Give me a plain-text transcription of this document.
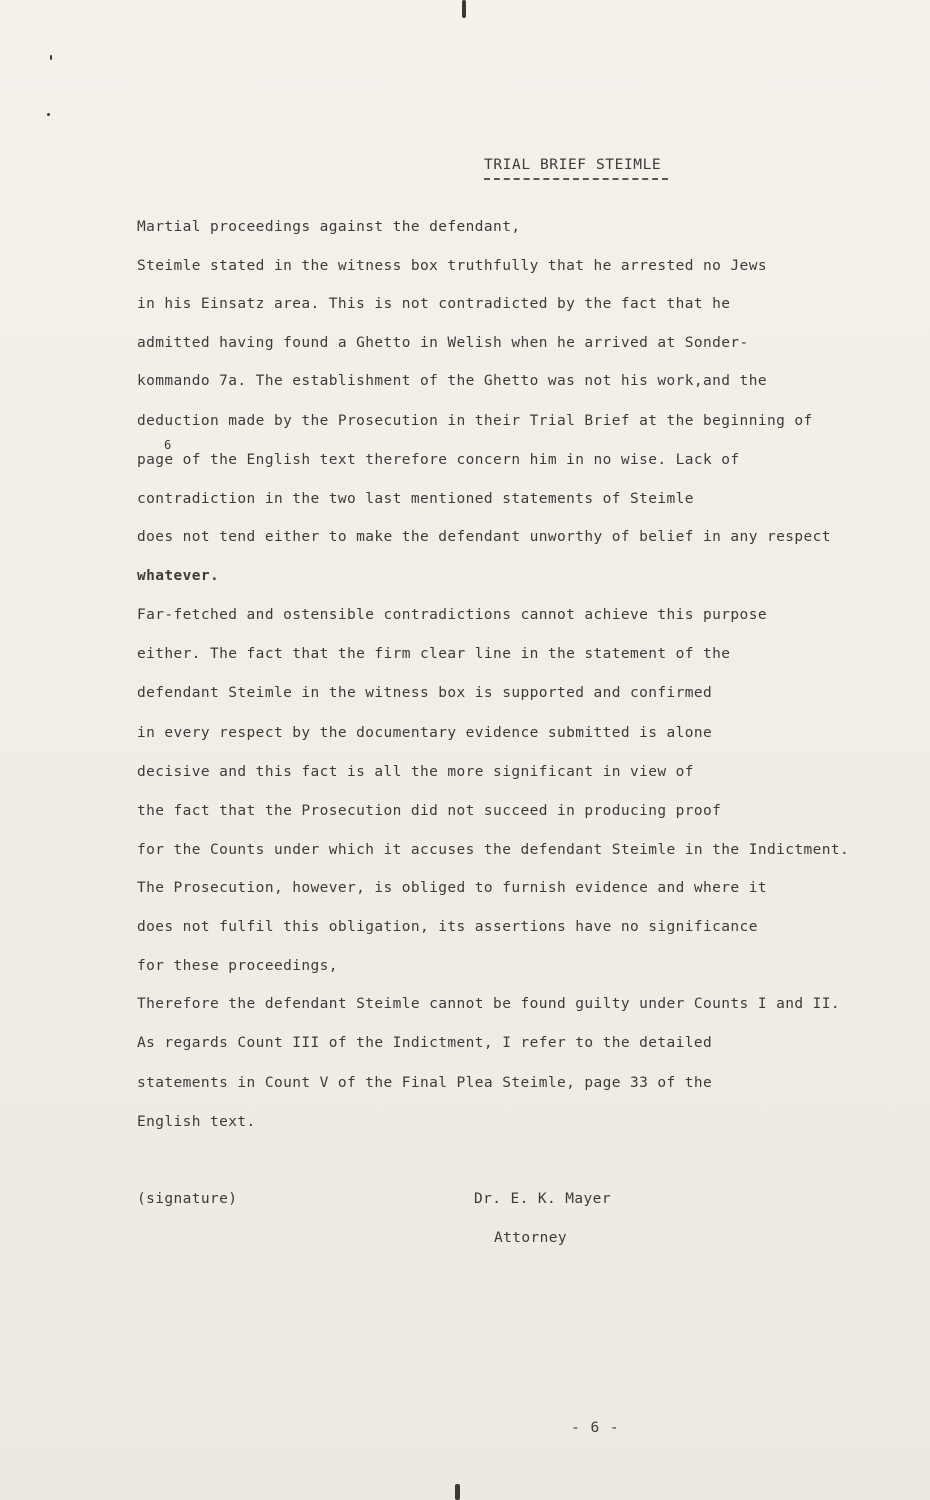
TRIAL BRIEF STEIMLE
Martial proceedings against the defendant,
Steimle stated in the witness box truthfully that he arrested no Jews
in his Einsatz area. This is not contradicted by the fact that he
admitted having found a Ghetto in Welish when he arrived at Sonder-
kommando 7a. The establishment of the Ghetto was not his work,and the
deduction made by the Prosecution in their Trial Brief at the beginning of
6
page of the English text therefore concern him in no wise. Lack of
contradiction in the two last mentioned statements of Steimle
does not tend either to make the defendant unworthy of belief in any respect
whatever.
Far-fetched and ostensible contradictions cannot achieve this purpose
either. The fact that the firm clear line in the statement of the
defendant Steimle in the witness box is supported and confirmed
in every respect by the documentary evidence submitted is alone
decisive and this fact is all the more significant in view of
the fact that the Prosecution did not succeed in producing proof
for the Counts under which it accuses the defendant Steimle in the Indictment.
The Prosecution, however, is obliged to furnish evidence and where it
does not fulfil this obligation, its assertions have no significance
for these proceedings,
Therefore the defendant Steimle cannot be found guilty under Counts I and II.
As regards Count III of the Indictment, I refer to the detailed
statements in Count V of the Final Plea Steimle, page 33 of the
English text.
(signature)	Dr. E. K. Mayer
Attorney
- 6 -
